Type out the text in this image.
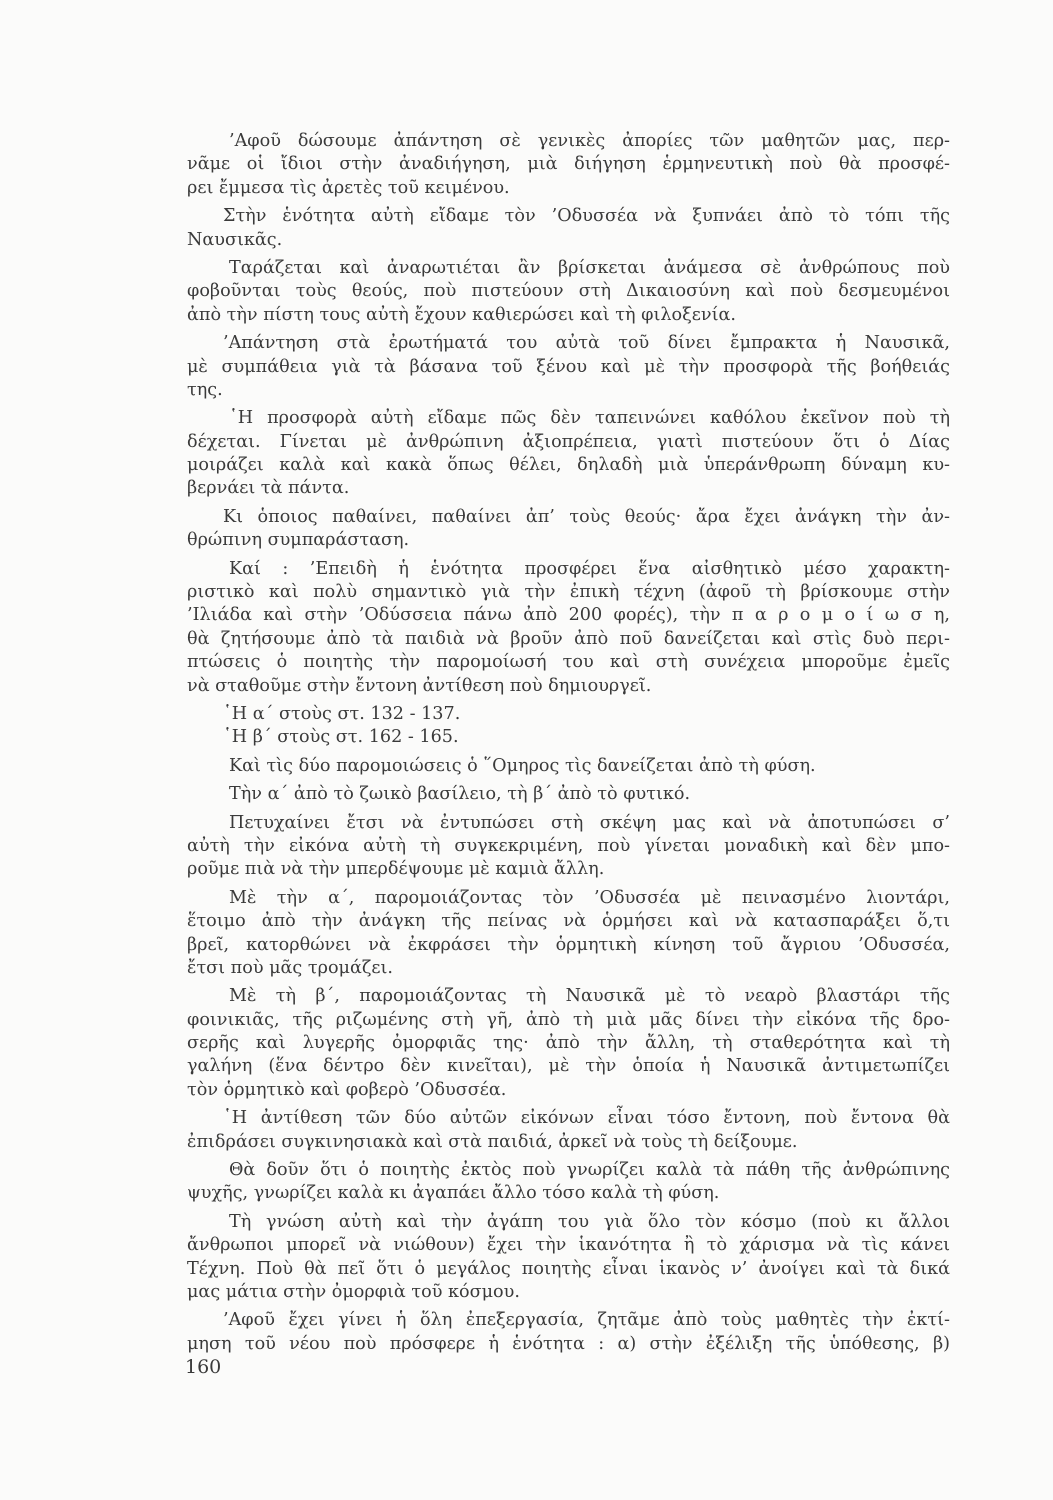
’Αφοῦ δώσουμε ἀπάντηση σὲ γενικὲς ἀπορίες τῶν μαθητῶν μας, περ-
νᾶμε οἱ ἴδιοι στὴν ἀναδιήγηση, μιὰ διήγηση ἑρμηνευτικὴ ποὺ θὰ προσφέ-
ρει ἔμμεσα τὶς ἀρετὲς τοῦ κειμένου.
Στὴν ἑνότητα αὐτὴ εἴδαμε τὸν ’Οδυσσέα νὰ ξυπνάει ἀπὸ τὸ τόπι τῆς
Ναυσικᾶς.
Ταράζεται καὶ ἀναρωτιέται ἂν βρίσκεται ἀνάμεσα σὲ ἀνθρώπους ποὺ
φοβοῦνται τοὺς θεούς, ποὺ πιστεύουν στὴ Δικαιοσύνη καὶ ποὺ δεσμευμένοι
ἀπὸ τὴν πίστη τους αὐτὴ ἔχουν καθιερώσει καὶ τὴ φιλοξενία.
’Απάντηση στὰ ἐρωτήματά του αὐτὰ τοῦ δίνει ἔμπρακτα ἡ Ναυσικᾶ,
μὲ συμπάθεια γιὰ τὰ βάσανα τοῦ ξένου καὶ μὲ τὴν προσφορὰ τῆς βοήθειάς
της.
῾Η προσφορὰ αὐτὴ εἴδαμε πῶς δὲν ταπεινώνει καθόλου ἐκεῖνον ποὺ τὴ
δέχεται. Γίνεται μὲ ἀνθρώπινη ἀξιοπρέπεια, γιατὶ πιστεύουν ὅτι ὁ Δίας
μοιράζει καλὰ καὶ κακὰ ὅπως θέλει, δηλαδὴ μιὰ ὑπεράνθρωπη δύναμη κυ-
βερνάει τὰ πάντα.
Κι ὁποιος παθαίνει, παθαίνει ἀπ’ τοὺς θεούς· ἄρα ἔχει ἀνάγκη τὴν ἀν-
θρώπινη συμπαράσταση.
Καί : ’Επειδὴ ἡ ἑνότητα προσφέρει ἕνα αἰσθητικὸ μέσο χαρακτη-
ριστικὸ καὶ πολὺ σημαντικὸ γιὰ τὴν ἐπικὴ τέχνη (ἀφοῦ τὴ βρίσκουμε στὴν
’Ιλιάδα καὶ στὴν ’Οδύσσεια πάνω ἀπὸ 200 φορές), τὴν π α ρ ο μ ο ί ω σ η,
θὰ ζητήσουμε ἀπὸ τὰ παιδιὰ νὰ βροῦν ἀπὸ ποῦ δανείζεται καὶ στὶς δυὸ περι-
πτώσεις ὁ ποιητὴς τὴν παρομοίωσή του καὶ στὴ συνέχεια μποροῦμε ἐμεῖς
νὰ σταθοῦμε στὴν ἔντονη ἀντίθεση ποὺ δημιουργεῖ.
῾Η α΄ στοὺς στ. 132 - 137.
῾Η β΄ στοὺς στ. 162 - 165.
Καὶ τὶς δύο παρομοιώσεις ὁ ῞Ομηρος τὶς δανείζεται ἀπὸ τὴ φύση.
Τὴν α΄ ἀπὸ τὸ ζωικὸ βασίλειο, τὴ β΄ ἀπὸ τὸ φυτικό.
Πετυχαίνει ἔτσι νὰ ἐντυπώσει στὴ σκέψη μας καὶ νὰ ἀποτυπώσει σ’
αὐτὴ τὴν εἰκόνα αὐτὴ τὴ συγκεκριμένη, ποὺ γίνεται μοναδικὴ καὶ δὲν μπο-
ροῦμε πιὰ νὰ τὴν μπερδέψουμε μὲ καμιὰ ἄλλη.
Μὲ τὴν α΄, παρομοιάζοντας τὸν ’Οδυσσέα μὲ πεινασμένο λιοντάρι,
ἕτοιμο ἀπὸ τὴν ἀνάγκη τῆς πείνας νὰ ὁρμήσει καὶ νὰ κατασπαράξει ὅ,τι
βρεῖ, κατορθώνει νὰ ἐκφράσει τὴν ὁρμητικὴ κίνηση τοῦ ἄγριου ’Οδυσσέα,
ἔτσι ποὺ μᾶς τρομάζει.
Μὲ τὴ β΄, παρομοιάζοντας τὴ Ναυσικᾶ μὲ τὸ νεαρὸ βλαστάρι τῆς
φοινικιᾶς, τῆς ριζωμένης στὴ γῆ, ἀπὸ τὴ μιὰ μᾶς δίνει τὴν εἰκόνα τῆς δρο-
σερῆς καὶ λυγερῆς ὀμορφιᾶς της· ἀπὸ τὴν ἄλλη, τὴ σταθερότητα καὶ τὴ
γαλήνη (ἕνα δέντρο δὲν κινεῖται), μὲ τὴν ὁποία ἡ Ναυσικᾶ ἀντιμετωπίζει
τὸν ὁρμητικὸ καὶ φοβερὸ ’Οδυσσέα.
῾Η ἀντίθεση τῶν δύο αὐτῶν εἰκόνων εἶναι τόσο ἔντονη, ποὺ ἔντονα θὰ
ἐπιδράσει συγκινησιακὰ καὶ στὰ παιδιά, ἀρκεῖ νὰ τοὺς τὴ δείξουμε.
Θὰ δοῦν ὅτι ὁ ποιητὴς ἐκτὸς ποὺ γνωρίζει καλὰ τὰ πάθη τῆς ἀνθρώπινης
ψυχῆς, γνωρίζει καλὰ κι ἀγαπάει ἄλλο τόσο καλὰ τὴ φύση.
Τὴ γνώση αὐτὴ καὶ τὴν ἀγάπη του γιὰ ὅλο τὸν κόσμο (ποὺ κι ἄλλοι
ἄνθρωποι μπορεῖ νὰ νιώθουν) ἔχει τὴν ἱκανότητα ἢ τὸ χάρισμα νὰ τὶς κάνει
Τέχνη. Ποὺ θὰ πεῖ ὅτι ὁ μεγάλος ποιητὴς εἶναι ἱκανὸς ν’ ἀνοίγει καὶ τὰ δικά
μας μάτια στὴν ὀμορφιὰ τοῦ κόσμου.
’Αφοῦ ἔχει γίνει ἡ ὅλη ἐπεξεργασία, ζητᾶμε ἀπὸ τοὺς μαθητὲς τὴν ἐκτί-
μηση τοῦ νέου ποὺ πρόσφερε ἡ ἑνότητα : α) στὴν ἐξέλιξη τῆς ὑπόθεσης, β)
160
